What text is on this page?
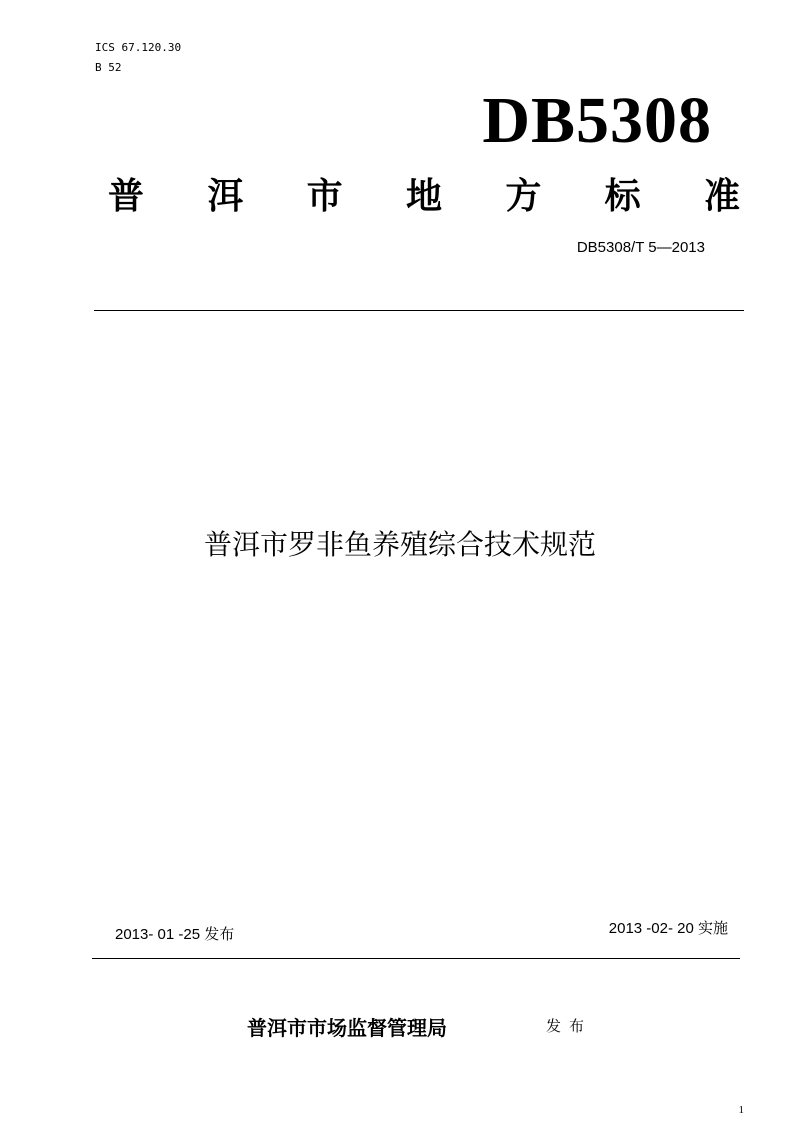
ICS 67.120.30
B 52
DB5308
普 洱 市 地 方 标 准
DB5308/T 5—2013
普洱市罗非鱼养殖综合技术规范
2013- 01 -25 发布	2013 -02- 20 实施
普洱市市场监督管理局	发布
1
